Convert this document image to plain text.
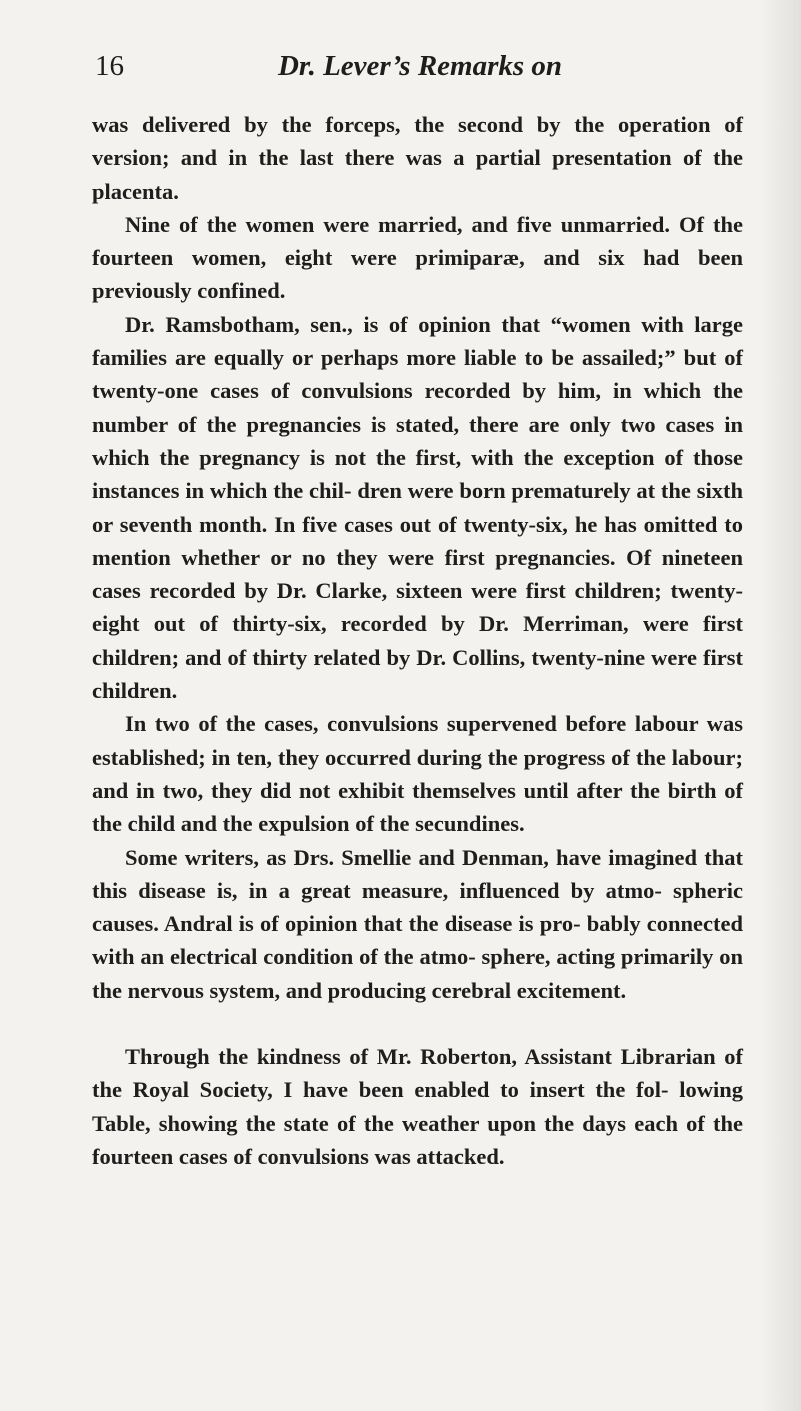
16	Dr. Lever’s Remarks on

was delivered by the forceps, the second by the operation of version; and in the last there was a partial presentation of the placenta.

Nine of the women were married, and five unmarried. Of the fourteen women, eight were primiparæ, and six had been previously confined.

Dr. Ramsbotham, sen., is of opinion that “women with large families are equally or perhaps more liable to be assailed;” but of twenty-one cases of convulsions recorded by him, in which the number of the pregnancies is stated, there are only two cases in which the pregnancy is not the first, with the exception of those instances in which the chil- dren were born prematurely at the sixth or seventh month. In five cases out of twenty-six, he has omitted to mention whether or no they were first pregnancies. Of nineteen cases recorded by Dr. Clarke, sixteen were first children; twenty- eight out of thirty-six, recorded by Dr. Merriman, were first children; and of thirty related by Dr. Collins, twenty-nine were first children.

In two of the cases, convulsions supervened before labour was established; in ten, they occurred during the progress of the labour; and in two, they did not exhibit themselves until after the birth of the child and the expulsion of the secundines.

Some writers, as Drs. Smellie and Denman, have imagined that this disease is, in a great measure, influenced by atmo- spheric causes. Andral is of opinion that the disease is pro- bably connected with an electrical condition of the atmo- sphere, acting primarily on the nervous system, and producing cerebral excitement.

Through the kindness of Mr. Roberton, Assistant Librarian of the Royal Society, I have been enabled to insert the fol- lowing Table, showing the state of the weather upon the days each of the fourteen cases of convulsions was attacked.
